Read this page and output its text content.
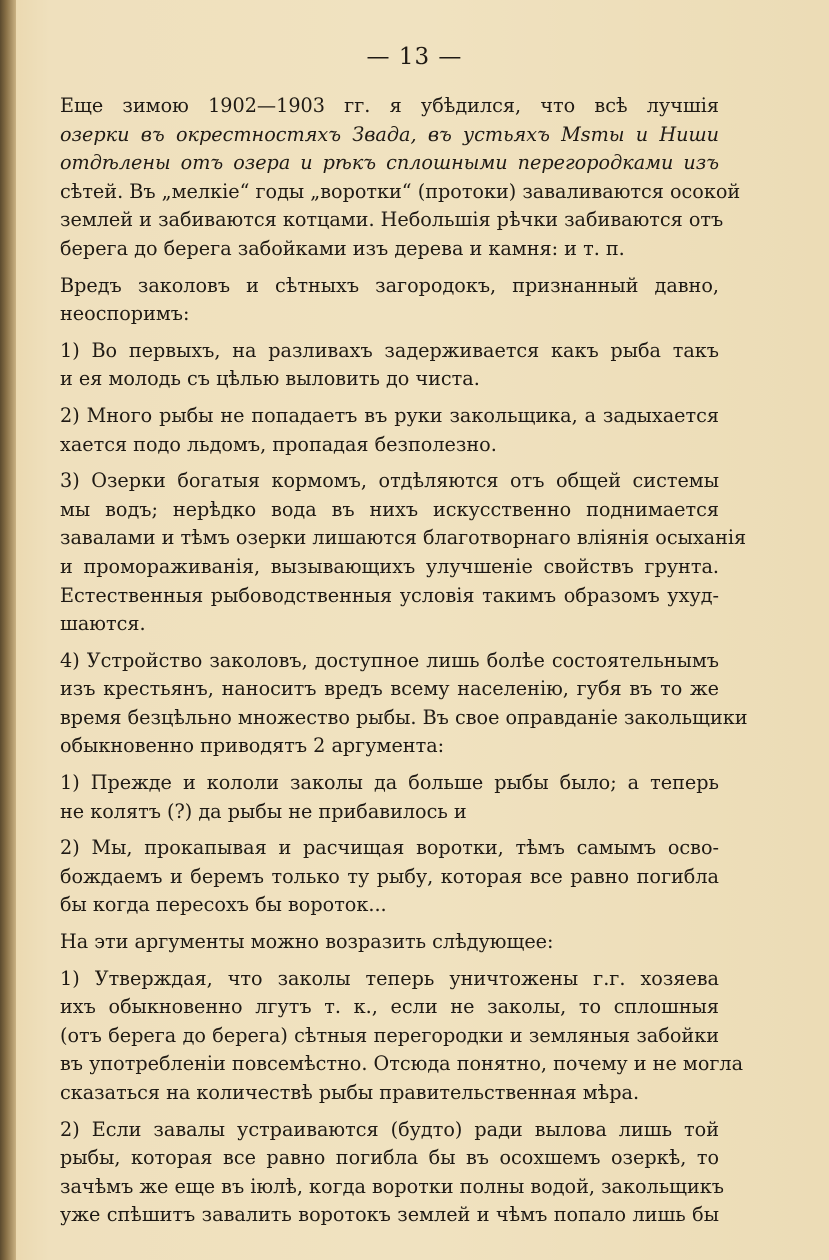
— 13 —
Еще зимою 1902—1903 гг. я убѣдился, что всѣ лучшія
озерки въ окрестностяхъ Звада, въ устьяхъ Msты и Ниши
отдѣлены отъ озера и рѣкъ сплошными перегородками изъ
сѣтей. Въ „мелкіе“ годы „воротки“ (протоки) заваливаются осокой
землей и забиваются котцами. Небольшія рѣчки забиваются отъ
берега до берега забойками изъ дерева и камня: и т. п.
Вредъ заколовъ и сѣтныхъ загородокъ, признанный давно,
неоспоримъ:
1) Во первыхъ, на разливахъ задерживается какъ рыба такъ
и ея молодь съ цѣлью выловить до чиста.
2) Много рыбы не попадаетъ въ руки закольщика, а задыхается
хается подо льдомъ, пропадая безполезно.
3) Озерки богатыя кормомъ, отдѣляются отъ общей системы
мы водъ; нерѣдко вода въ нихъ искусственно поднимается
завалами и тѣмъ озерки лишаются благотворнаго вліянія осыханія
и промораживанія, вызывающихъ улучшеніе свойствъ грунта.
Естественныя рыбоводственныя условія такимъ образомъ ухуд-
шаются.
4) Устройство заколовъ, доступное лишь болѣе состоятельнымъ
изъ крестьянъ, наноситъ вредъ всему населенію, губя въ то же
время безцѣльно множество рыбы. Въ свое оправданіе закольщики
обыкновенно приводятъ 2 аргумента:
1) Прежде и кололи заколы да больше рыбы было; а теперь
не колятъ (?) да рыбы не прибавилось и
2) Мы, прокапывая и расчищая воротки, тѣмъ самымъ осво-
бождаемъ и беремъ только ту рыбу, которая все равно погибла
бы когда пересохъ бы вороток...
На эти аргументы можно возразить слѣдующее:
1) Утверждая, что заколы теперь уничтожены г.г. хозяева
ихъ обыкновенно лгутъ т. к., если не заколы, то сплошныя
(отъ берега до берега) сѣтныя перегородки и земляныя забойки
въ употребленіи повсемѣстно. Отсюда понятно, почему и не могла
сказаться на количествѣ рыбы правительственная мѣра.
2) Если завалы устраиваются (будто) ради вылова лишь той
рыбы, которая все равно погибла бы въ осохшемъ озеркѣ, то
зачѣмъ же еще въ іюлѣ, когда воротки полны водой, закольщикъ
уже спѣшитъ завалить воротокъ землей и чѣмъ попало лишь бы
